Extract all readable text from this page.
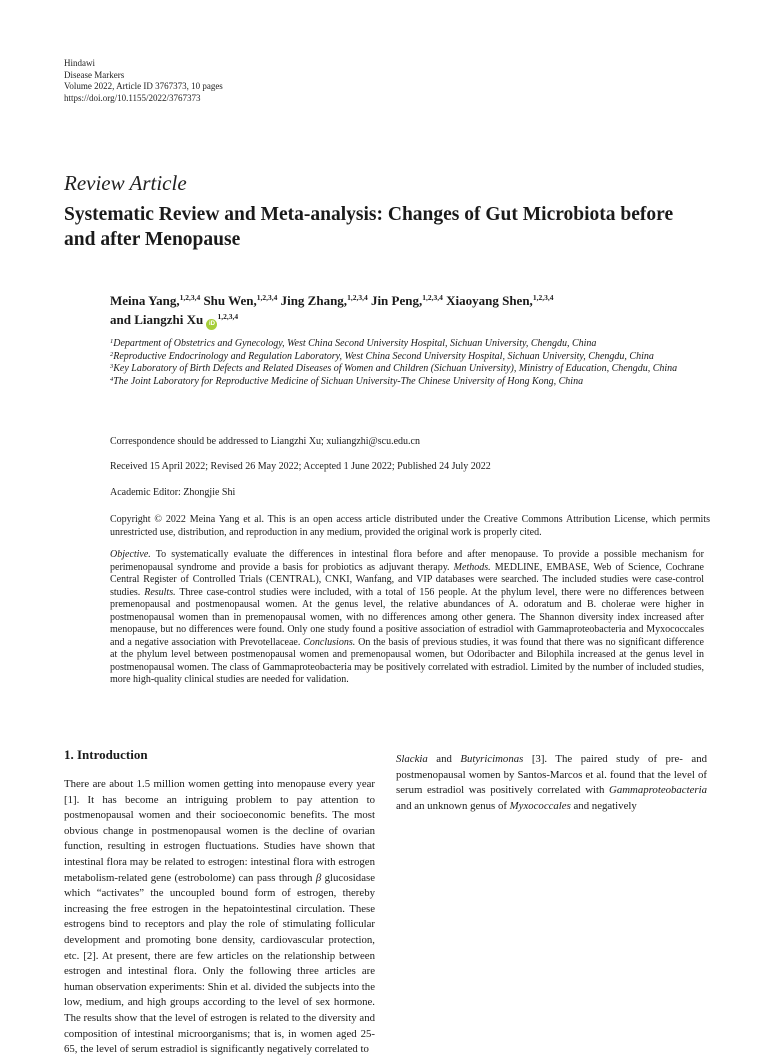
Hindawi
Disease Markers
Volume 2022, Article ID 3767373, 10 pages
https://doi.org/10.1155/2022/3767373
Review Article
Systematic Review and Meta-analysis: Changes of Gut Microbiota before and after Menopause
Meina Yang,$^{1,2,3,4}$ Shu Wen,$^{1,2,3,4}$ Jing Zhang,$^{1,2,3,4}$ Jin Peng,$^{1,2,3,4}$ Xiaoyang Shen,$^{1,2,3,4}$
and Liangzhi Xu iD$^{1,2,3,4}$
$^1$Department of Obstetrics and Gynecology, West China Second University Hospital, Sichuan University, Chengdu, China
$^2$Reproductive Endocrinology and Regulation Laboratory, West China Second University Hospital, Sichuan University, Chengdu, China
$^3$Key Laboratory of Birth Defects and Related Diseases of Women and Children (Sichuan University), Ministry of Education, Chengdu, China
$^4$The Joint Laboratory for Reproductive Medicine of Sichuan University-The Chinese University of Hong Kong, China
Correspondence should be addressed to Liangzhi Xu; xuliangzhi@scu.edu.cn
Received 15 April 2022; Revised 26 May 2022; Accepted 1 June 2022; Published 24 July 2022
Academic Editor: Zhongjie Shi
Copyright © 2022 Meina Yang et al. This is an open access article distributed under the Creative Commons Attribution License, which permits unrestricted use, distribution, and reproduction in any medium, provided the original work is properly cited.
Objective. To systematically evaluate the differences in intestinal flora before and after menopause. To provide a possible mechanism for perimenopausal syndrome and provide a basis for probiotics as adjuvant therapy. Methods. MEDLINE, EMBASE, Web of Science, Cochrane Central Register of Controlled Trials (CENTRAL), CNKI, Wanfang, and VIP databases were searched. The included studies were case-control studies. Results. Three case-control studies were included, with a total of 156 people. At the phylum level, there were no differences between premenopausal and postmenopausal women. At the genus level, the relative abundances of A. odoratum and B. cholerae were higher in postmenopausal women than in premenopausal women, with no differences among other genera. The Shannon diversity index increased after menopause, but no differences were found. Only one study found a positive association of estradiol with Gammaproteobacteria and Myxococcales and a negative association with Prevotellaceae. Conclusions. On the basis of previous studies, it was found that there was no significant difference at the phylum level between postmenopausal women and premenopausal women, but Odoribacter and Bilophila increased at the genus level in postmenopausal women. The class of Gammaproteobacteria may be positively correlated with estradiol. Limited by the number of included studies, more high-quality clinical studies are needed for validation.
1. Introduction
There are about 1.5 million women getting into menopause every year [1]. It has become an intriguing problem to pay attention to postmenopausal women and their socioeconomic benefits. The most obvious change in postmenopausal women is the decline of ovarian function, resulting in estrogen fluctuations. Studies have shown that intestinal flora may be related to estrogen: intestinal flora with estrogen metabolism-related gene (estrobolome) can pass through β glucosidase which “activates” the uncoupled bound form of estrogen, thereby increasing the free estrogen in the hepatointestinal circulation. These estrogens bind to receptors and play the role of stimulating follicular development and promoting bone density, cardiovascular protection, etc. [2]. At present, there are few articles on the relationship between estrogen and intestinal flora. Only the following three articles are human observation experiments: Shin et al. divided the subjects into the low, medium, and high groups according to the level of sex hormone. The results show that the level of estrogen is related to the diversity and composition of intestinal microorganisms; that is, in women aged 25-65, the level of serum estradiol is significantly negatively correlated to
Slackia and Butyricimonas [3]. The paired study of pre- and postmenopausal women by Santos-Marcos et al. found that the level of serum estradiol was positively correlated with Gammaproteobacteria and an unknown genus of Myxococcales and negatively
